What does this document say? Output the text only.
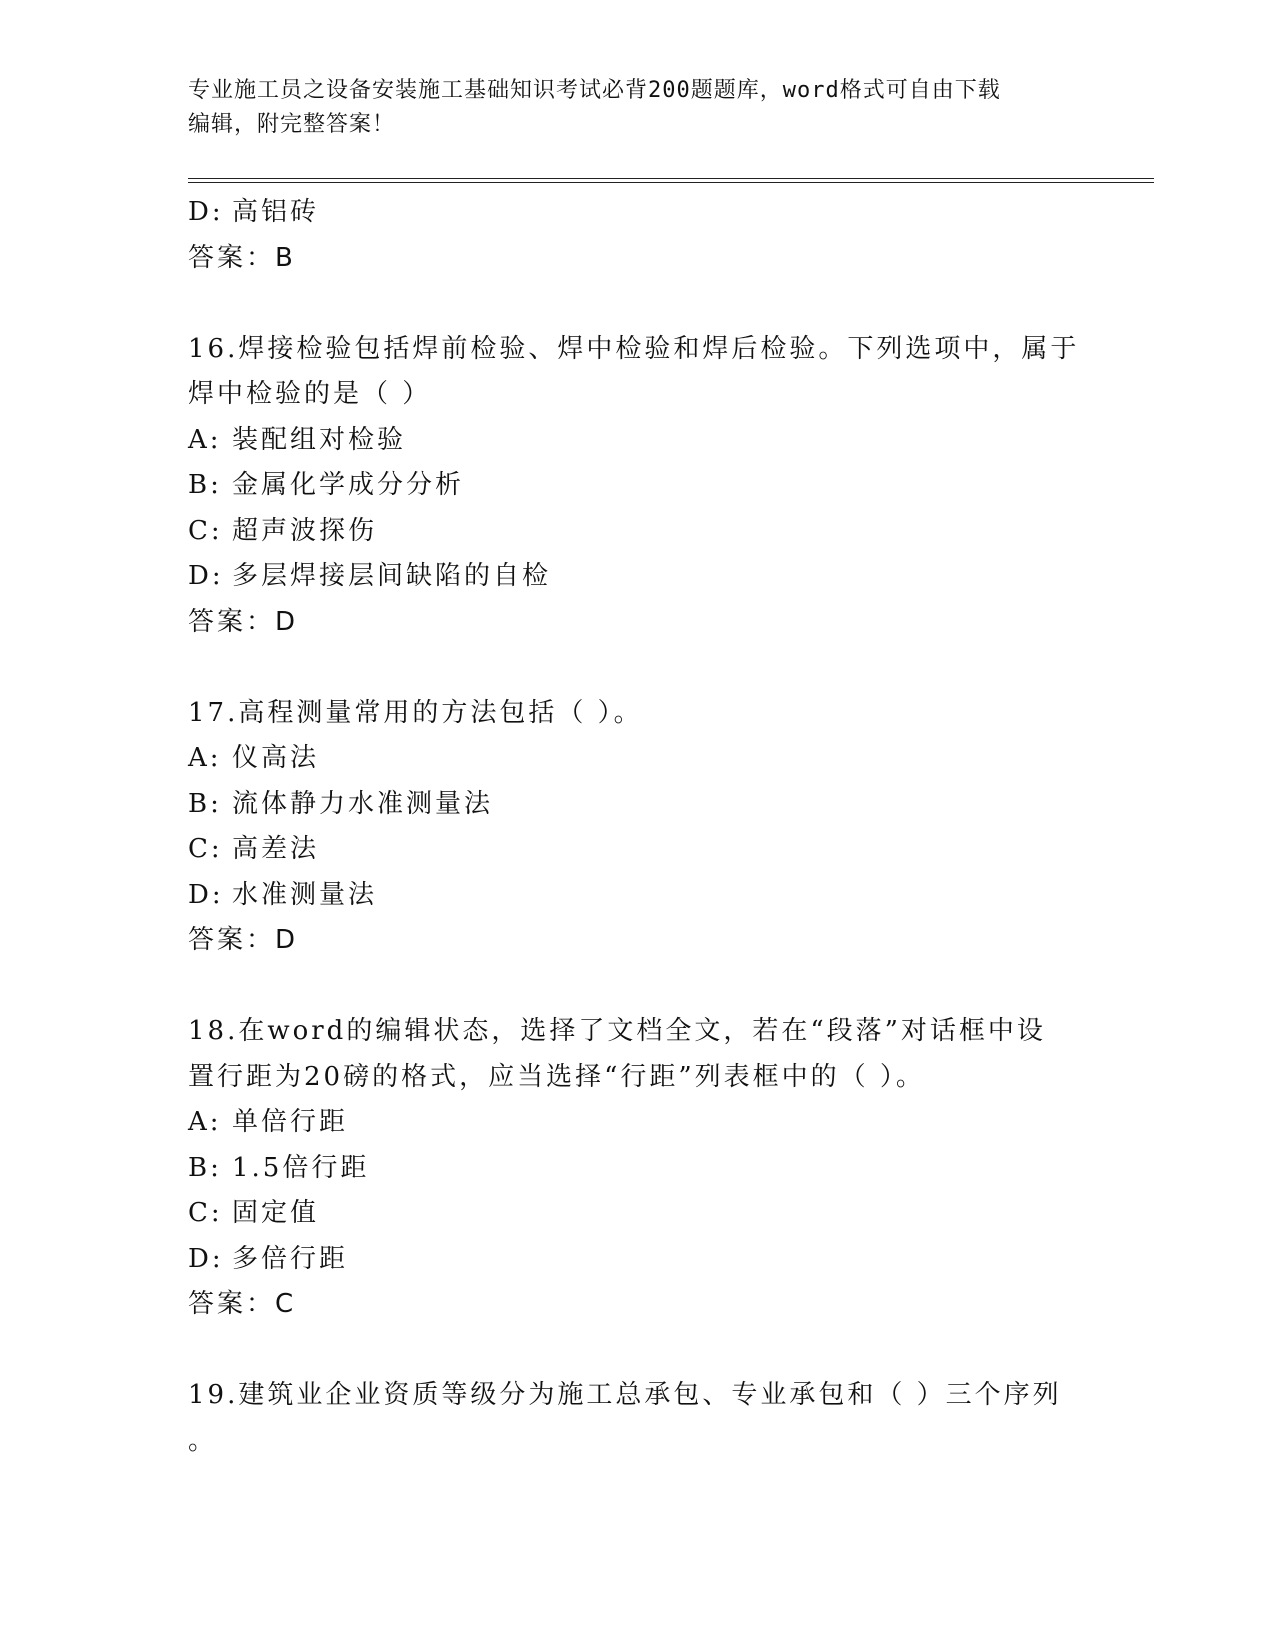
专业施工员之设备安装施工基础知识考试必背200题题库，word格式可自由下载
编辑，附完整答案！
D: 高铝砖
答案：B
16.焊接检验包括焊前检验、焊中检验和焊后检验。下列选项中，属于
焊中检验的是（ ）
A: 装配组对检验
B: 金属化学成分分析
C: 超声波探伤
D: 多层焊接层间缺陷的自检
答案：D
17.高程测量常用的方法包括（ ）。
A: 仪高法
B: 流体静力水准测量法
C: 高差法
D: 水准测量法
答案：D
18.在word的编辑状态，选择了文档全文，若在“段落”对话框中设
置行距为20磅的格式，应当选择“行距”列表框中的（ ）。
A: 单倍行距
B: 1.5倍行距
C: 固定值
D: 多倍行距
答案：C
19.建筑业企业资质等级分为施工总承包、专业承包和（ ）三个序列
。
